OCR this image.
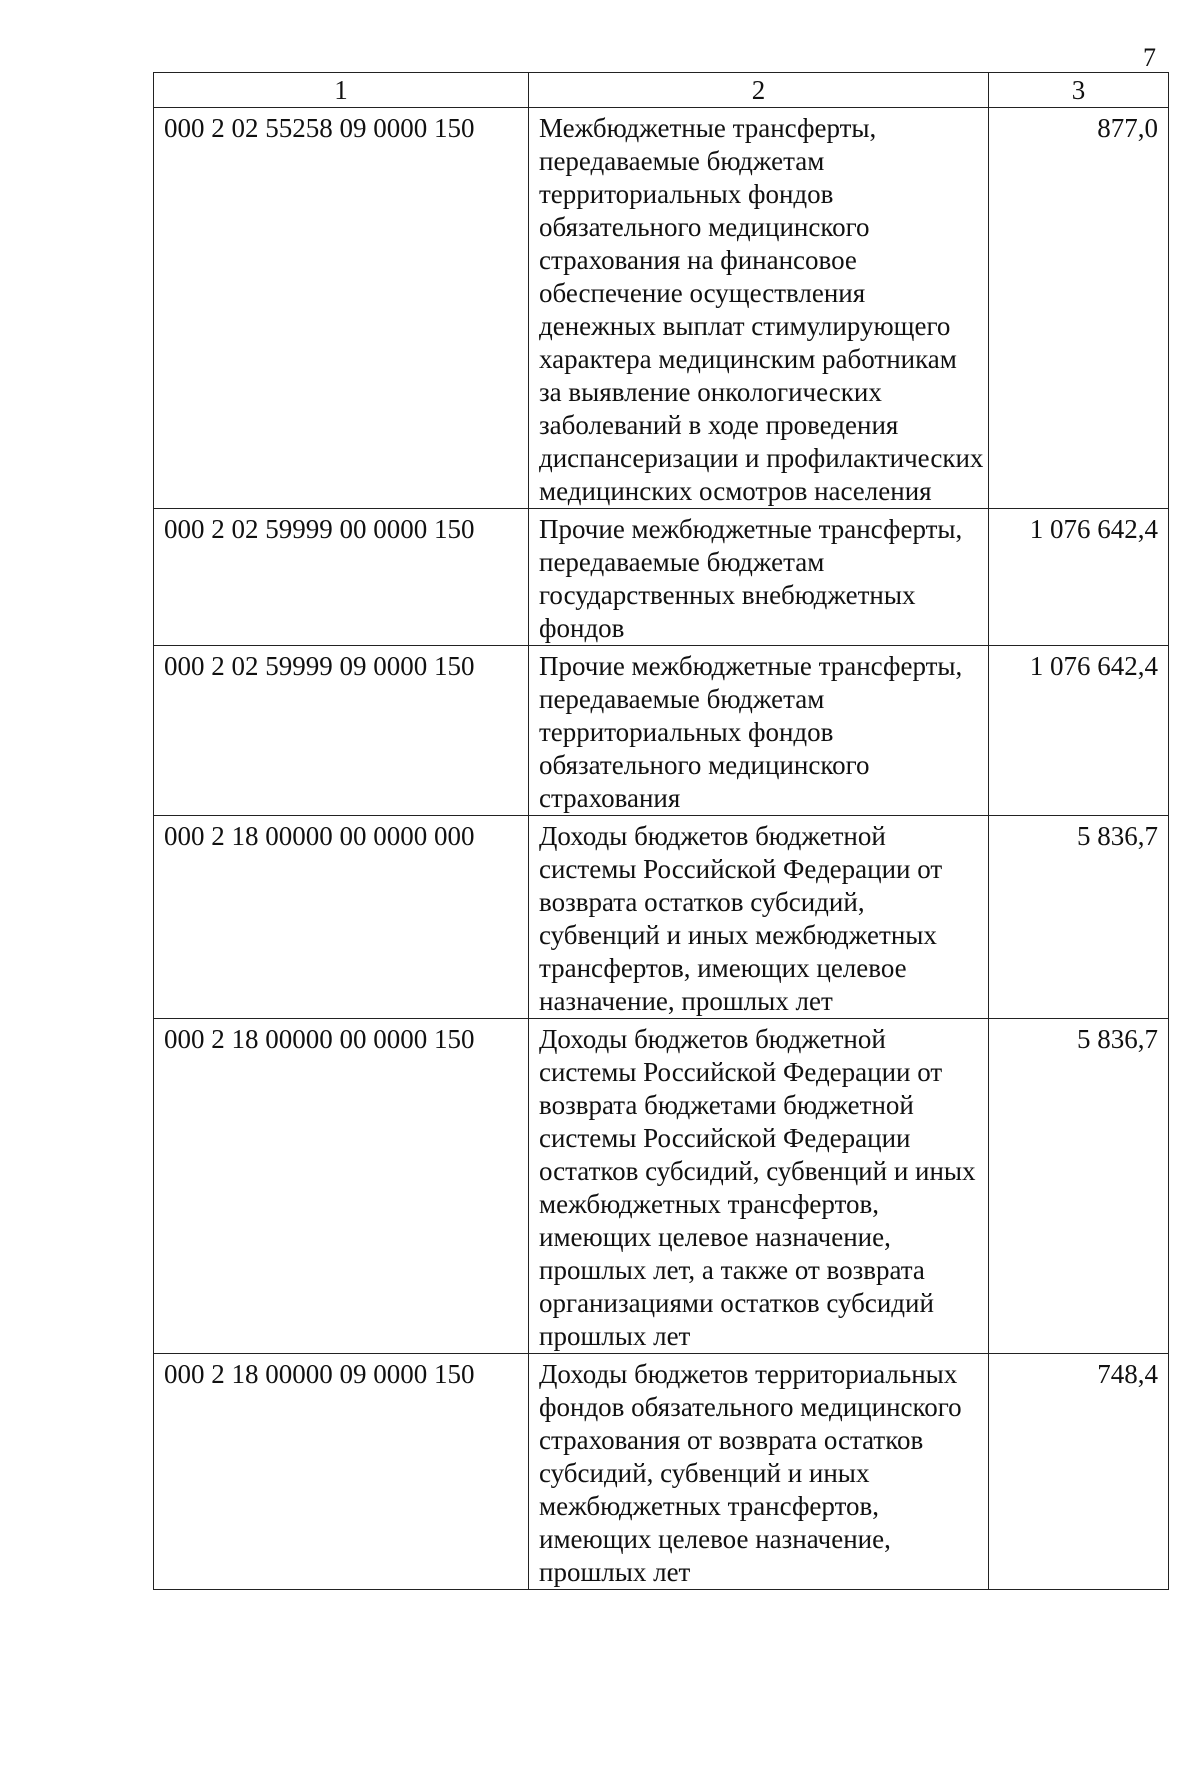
7
1	2	3
000 2 02 55258 09 0000 150	Межбюджетные трансферты, передаваемые бюджетам территориальных фондов обязательного медицинского страхования на финансовое обеспечение осуществления денежных выплат стимулирующего характера медицинским работникам за выявление онкологических заболеваний в ходе проведения диспансеризации и профилактических медицинских осмотров населения	877,0
000 2 02 59999 00 0000 150	Прочие межбюджетные трансферты, передаваемые бюджетам государственных внебюджетных фондов	1 076 642,4
000 2 02 59999 09 0000 150	Прочие межбюджетные трансферты, передаваемые бюджетам территориальных фондов обязательного медицинского страхования	1 076 642,4
000 2 18 00000 00 0000 000	Доходы бюджетов бюджетной системы Российской Федерации от возврата остатков субсидий, субвенций и иных межбюджетных трансфертов, имеющих целевое назначение, прошлых лет	5 836,7
000 2 18 00000 00 0000 150	Доходы бюджетов бюджетной системы Российской Федерации от возврата бюджетами бюджетной системы Российской Федерации остатков субсидий, субвенций и иных межбюджетных трансфертов, имеющих целевое назначение, прошлых лет, а также от возврата организациями остатков субсидий прошлых лет	5 836,7
000 2 18 00000 09 0000 150	Доходы бюджетов территориальных фондов обязательного медицинского страхования от возврата остатков субсидий, субвенций и иных межбюджетных трансфертов, имеющих целевое назначение, прошлых лет	748,4
